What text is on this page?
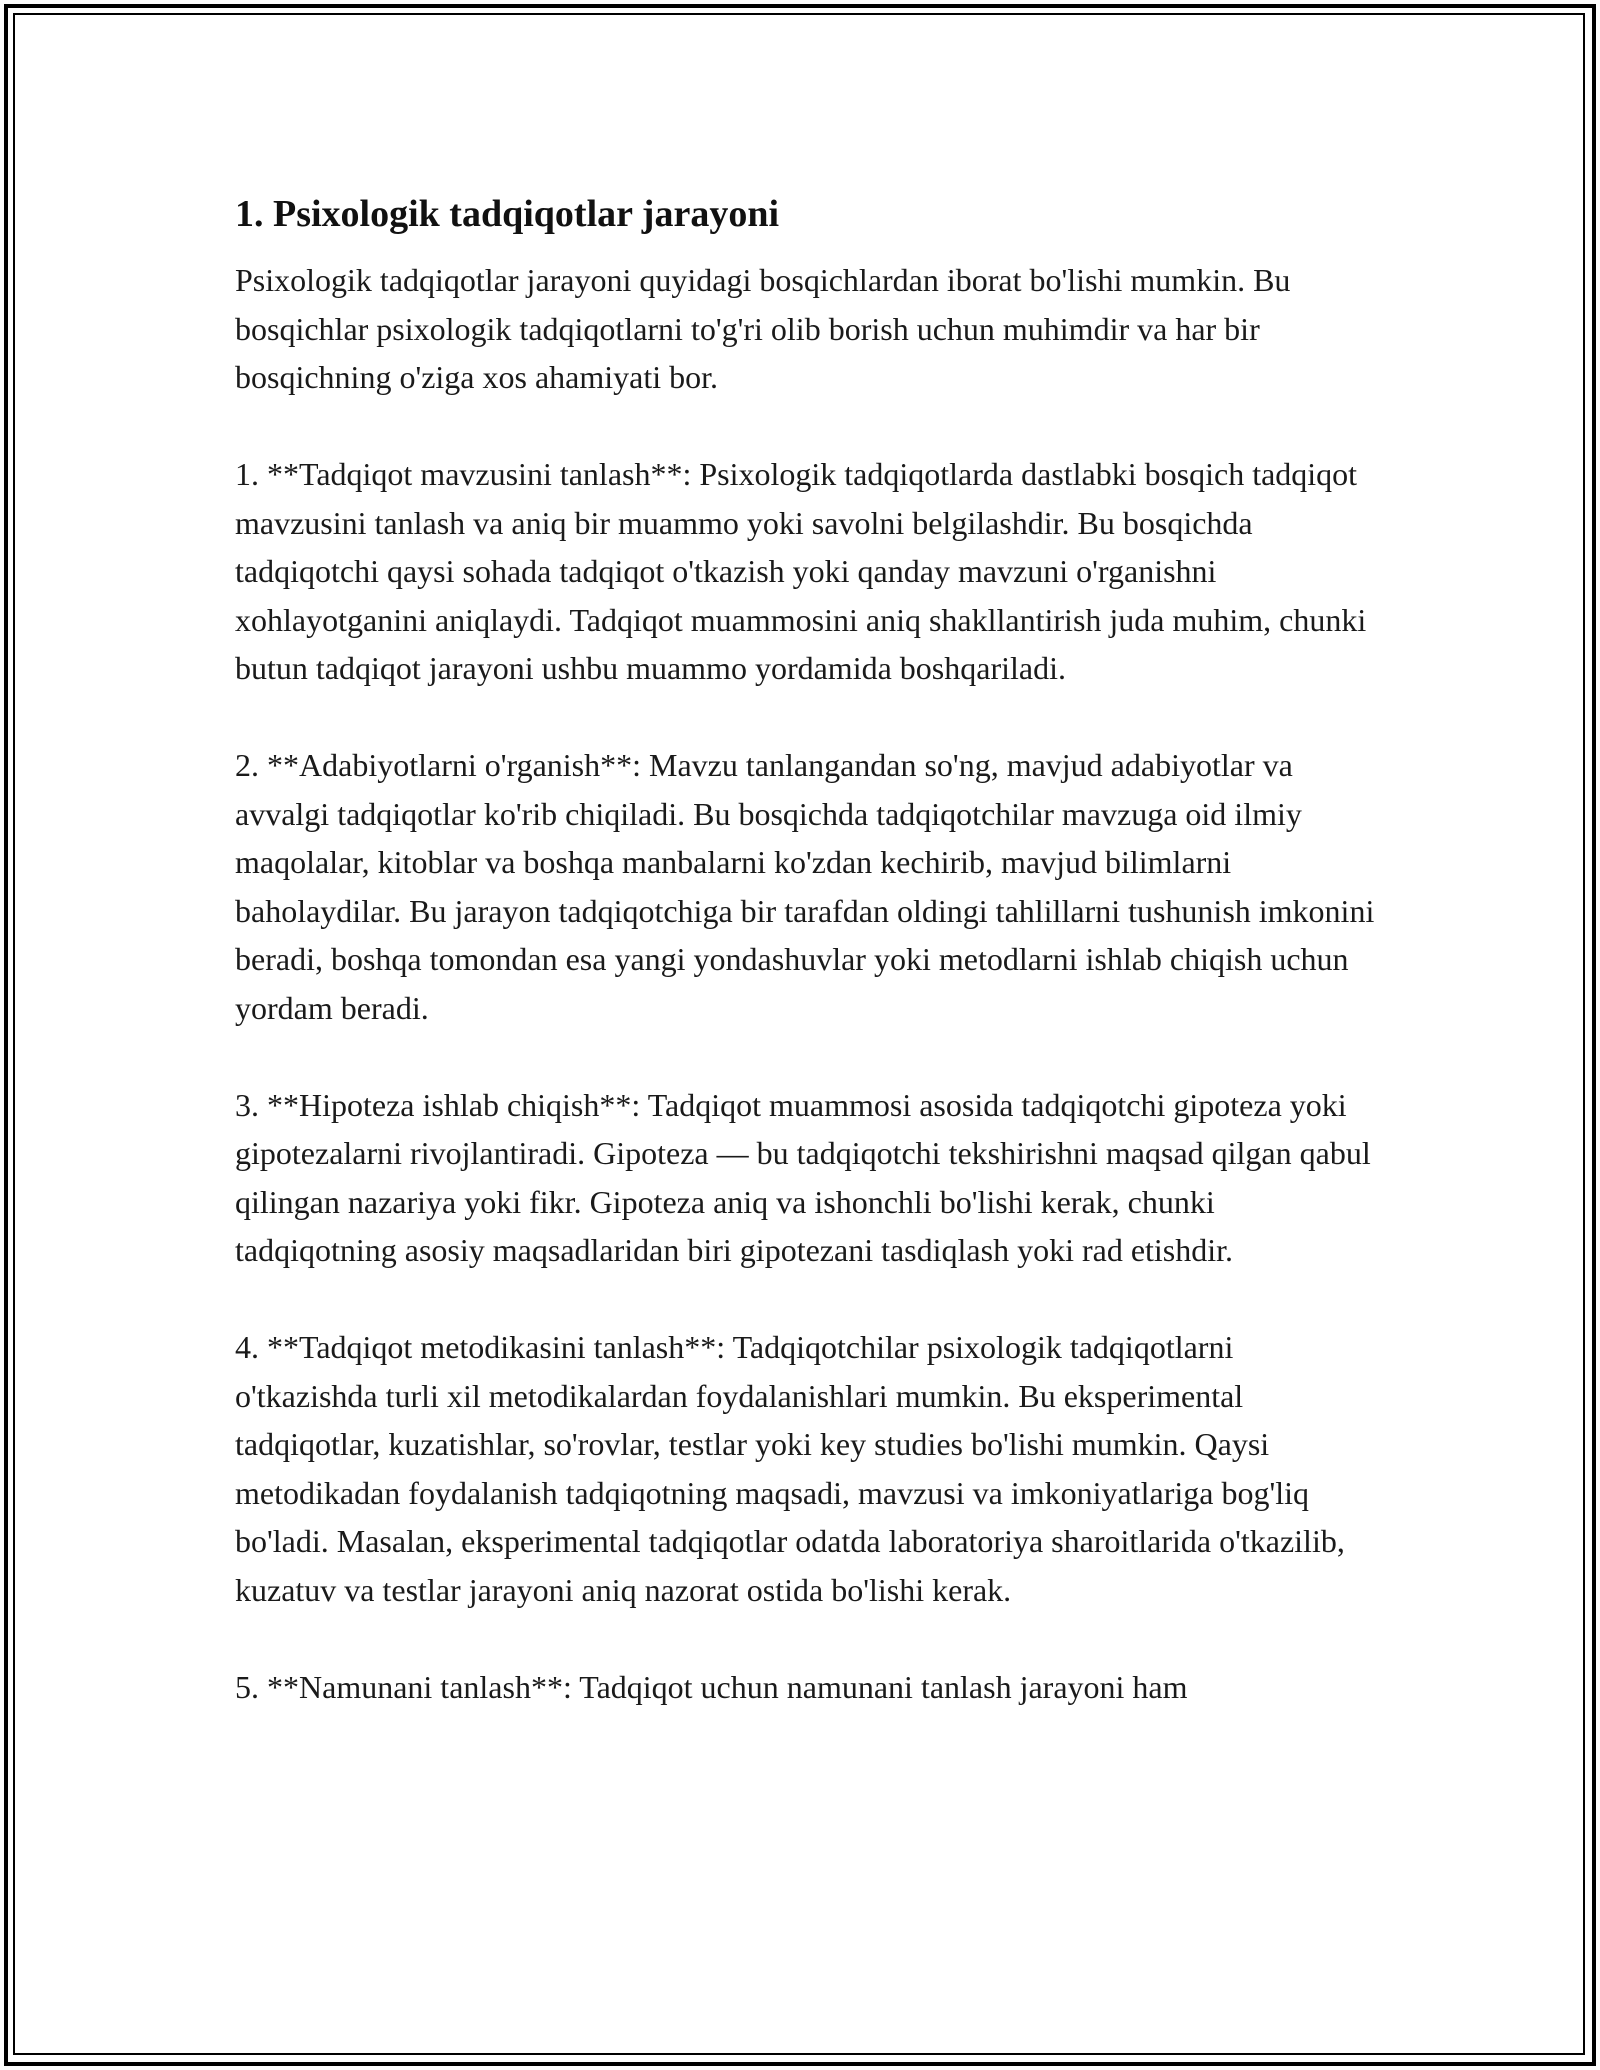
1. Psixologik tadqiqotlar jarayoni

Psixologik tadqiqotlar jarayoni quyidagi bosqichlardan iborat bo'lishi mumkin. Bu bosqichlar psixologik tadqiqotlarni to'g'ri olib borish uchun muhimdir va har bir bosqichning o'ziga xos ahamiyati bor.

1. **Tadqiqot mavzusini tanlash**: Psixologik tadqiqotlarda dastlabki bosqich tadqiqot mavzusini tanlash va aniq bir muammo yoki savolni belgilashdir. Bu bosqichda tadqiqotchi qaysi sohada tadqiqot o'tkazish yoki qanday mavzuni o'rganishni xohlayotganini aniqlaydi. Tadqiqot muammosini aniq shakllantirish juda muhim, chunki butun tadqiqot jarayoni ushbu muammo yordamida boshqariladi.

2. **Adabiyotlarni o'rganish**: Mavzu tanlangandan so'ng, mavjud adabiyotlar va avvalgi tadqiqotlar ko'rib chiqiladi. Bu bosqichda tadqiqotchilar mavzuga oid ilmiy maqolalar, kitoblar va boshqa manbalarni ko'zdan kechirib, mavjud bilimlarni baholaydilar. Bu jarayon tadqiqotchiga bir tarafdan oldingi tahlillarni tushunish imkonini beradi, boshqa tomondan esa yangi yondashuvlar yoki metodlarni ishlab chiqish uchun yordam beradi.

3. **Hipoteza ishlab chiqish**: Tadqiqot muammosi asosida tadqiqotchi gipoteza yoki gipotezalarni rivojlantiradi. Gipoteza — bu tadqiqotchi tekshirishni maqsad qilgan qabul qilingan nazariya yoki fikr. Gipoteza aniq va ishonchli bo'lishi kerak, chunki tadqiqotning asosiy maqsadlaridan biri gipotezani tasdiqlash yoki rad etishdir.

4. **Tadqiqot metodikasini tanlash**: Tadqiqotchilar psixologik tadqiqotlarni o'tkazishda turli xil metodikalardan foydalanishlari mumkin. Bu eksperimental tadqiqotlar, kuzatishlar, so'rovlar, testlar yoki key studies bo'lishi mumkin. Qaysi metodikadan foydalanish tadqiqotning maqsadi, mavzusi va imkoniyatlariga bog'liq bo'ladi. Masalan, eksperimental tadqiqotlar odatda laboratoriya sharoitlarida o'tkazilib, kuzatuv va testlar jarayoni aniq nazorat ostida bo'lishi kerak.

5. **Namunani tanlash**: Tadqiqot uchun namunani tanlash jarayoni ham
